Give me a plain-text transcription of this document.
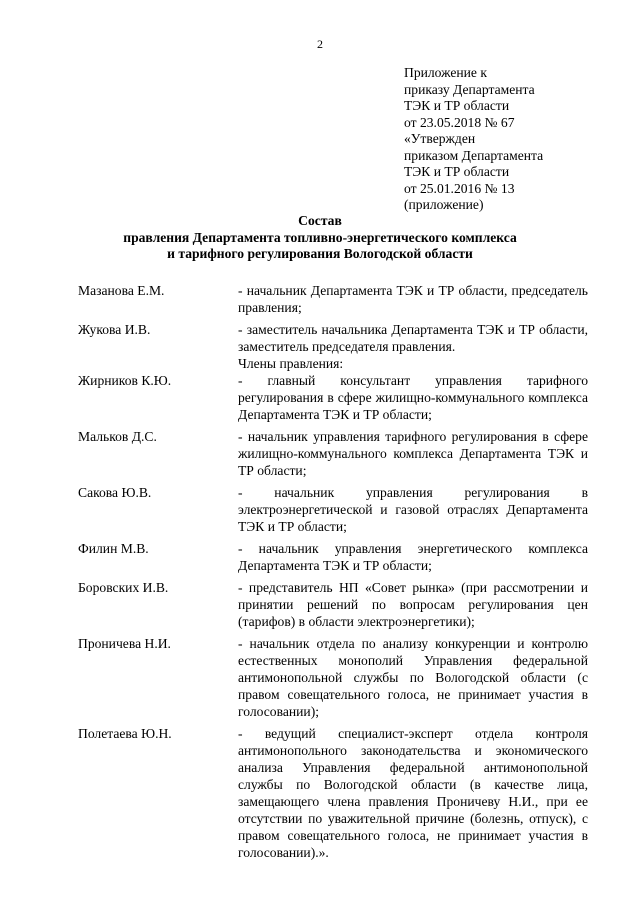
2
Приложение к
приказу Департамента
ТЭК и ТР области
от 23.05.2018 № 67
«Утвержден
приказом Департамента
ТЭК и ТР области
от 25.01.2016 № 13
(приложение)
Состав
правления Департамента топливно-энергетического комплекса
и тарифного регулирования Вологодской области
Мазанова Е.М.	- начальник Департамента ТЭК и ТР области, председатель правления;

Жукова И.В.	- заместитель начальника Департамента ТЭК и ТР области, заместитель председателя правления.

Члены правления:
Жирников К.Ю.	- главный консультант управления тарифного регулирования в сфере жилищно-коммунального комплекса Департамента ТЭК и ТР области;

Мальков Д.С.	- начальник управления тарифного регулирования в сфере жилищно-коммунального комплекса Департамента ТЭК и ТР области;

Сакова Ю.В.	- начальник управления регулирования в электроэнергетической и газовой отраслях Департамента ТЭК и ТР области;

Филин М.В.	- начальник управления энергетического комплекса Департамента ТЭК и ТР области;

Боровских И.В.	- представитель НП «Совет рынка» (при рассмотрении и принятии решений по вопросам регулирования цен (тарифов) в области электроэнергетики);

Проничева Н.И.	- начальник отдела по анализу конкуренции и контролю естественных монополий Управления федеральной антимонопольной службы по Вологодской области (с правом совещательного голоса, не принимает участия в голосовании);

Полетаева Ю.Н.	- ведущий специалист-эксперт отдела контроля антимонопольного законодательства и экономического анализа Управления федеральной антимонопольной службы по Вологодской области (в качестве лица, замещающего члена правления Проничеву Н.И., при ее отсутствии по уважительной причине (болезнь, отпуск), с правом совещательного голоса, не принимает участия в голосовании).».
